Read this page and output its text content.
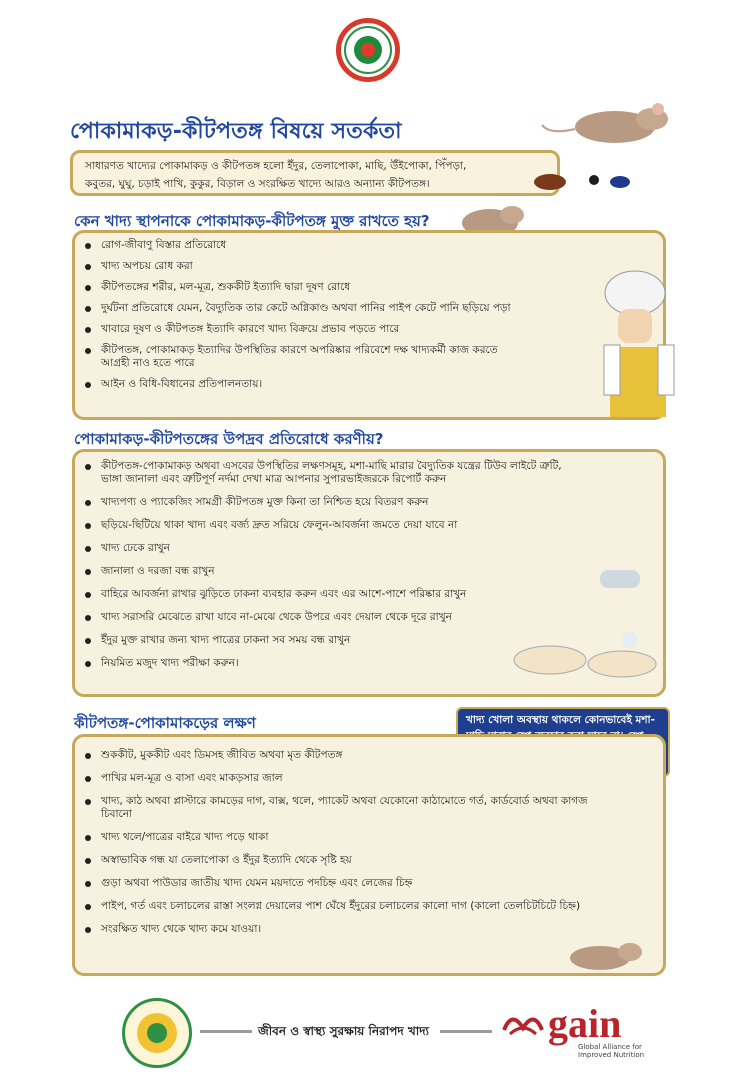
পোকামাকড়-কীটপতঙ্গ বিষয়ে সতর্কতা
সাধারণত খাদ্যের পোকামাকড় ও কীটপতঙ্গ হলো ইঁদুর, তেলাপোকা, মাছি, উঁইপোকা, পিঁপড়া,
কবুতর, ঘুঘু, চড়াই পাখি, কুকুর, বিড়াল ও সংরক্ষিত খাদ্যে আরও অন্যান্য কীটপতঙ্গ।
কেন খাদ্য স্থাপনাকে পোকামাকড়-কীটপতঙ্গ মুক্ত রাখতে হয়?
রোগ-জীবাণু বিস্তার প্রতিরোধে
খাদ্য অপচয় রোধ করা
কীটপতঙ্গের শরীর, মল-মূত্র, শুককীট ইত্যাদি দ্বারা দূষণ রোধে
দুর্ঘটনা প্রতিরোধে যেমন, বৈদ্যুতিক তার কেটে অগ্নিকাণ্ড অথবা পানির পাইপ কেটে পানি ছড়িয়ে পড়া
খাবারে দূষণ ও কীটপতঙ্গ ইত্যাদি কারণে খাদ্য বিক্রয়ে প্রভাব পড়তে পারে
কীটপতঙ্গ, পোকামাকড় ইত্যাদির উপস্থিতির কারণে অপরিষ্কার পরিবেশে দক্ষ খাদ্যকর্মী কাজ করতে
আগ্রহী নাও হতে পারে
আইন ও বিধি-বিধানের প্রতিপালনতায়।
পোকামাকড়-কীটপতঙ্গের উপদ্রব প্রতিরোধে করণীয়?
কীটপতঙ্গ-পোকামাকড় অথবা এসবের উপস্থিতির লক্ষণসমূহ, মশা-মাছি মারার বৈদ্যুতিক যন্ত্রের টিউব লাইটে ত্রুটি,
ভাঙ্গা জানালা এবং ত্রুটিপূর্ণ নর্দমা দেখা মাত্র আপনার সুপারভাইজরকে রিপোর্ট করুন
খাদ্যপণ্য ও প্যাকেজিং সামগ্রী কীটপতঙ্গ মুক্ত কিনা তা নিশ্চিত হয়ে বিতরণ করুন
ছড়িয়ে-ছিটিয়ে থাকা খাদ্য এবং বর্জ্য দ্রুত সরিয়ে ফেলুন-আবর্জনা জমতে দেয়া যাবে না
খাদ্য ঢেকে রাখুন
জানালা ও দরজা বন্ধ রাখুন
বাহিরে আবর্জনা রাখার ঝুড়িতে ঢাকনা ব্যবহার করুন এবং এর আশে-পাশে পরিষ্কার রাখুন
খাদ্য সরাসরি মেঝেতে রাখা যাবে না-মেঝে থেকে উপরে এবং দেয়াল থেকে দূরে রাখুন
ইঁদুর মুক্ত রাখার জন্য খাদ্য পাত্রের ঢাকনা সব সময় বন্ধ রাখুন
নিয়মিত মজুদ খাদ্য পরীক্ষা করুন।
খাদ্য খোলা অবস্থায় থাকলে কোনভাবেই মশা-
কীটপতঙ্গ-পোকামাকড়ের লক্ষণ
শুককীট, মুককীট এবং ডিমসহ জীবিত অথবা মৃত কীটপতঙ্গ
পাখির মল-মূত্র ও বাসা এবং মাকড়সার জাল
খাদ্য, কাঠ অথবা প্লাস্টারে কামড়ের দাগ, বাক্স, থলে, প্যাকেট অথবা যেকোনো কাঠামোতে গর্ত, কার্ডবোর্ড অথবা কাগজ
চিবানো
খাদ্য থলে/পাত্রের বাইরে খাদ্য পড়ে থাকা
অস্বাভাবিক গন্ধ যা তেলাপোকা ও ইঁদুর ইত্যাদি থেকে সৃষ্টি হয়
গুড়া অথবা পাউডার জাতীয় খাদ্য যেমন ময়দাতে পদচিহ্ন এবং লেজের চিহ্ন
পাইপ, গর্ত এবং চলাচলের রাস্তা সংলগ্ন দেয়ালের পাশ ঘেঁষে ইঁদুরের চলাচলের কালো দাগ (কালো তেলচিটচিটে চিহ্ন)
সংরক্ষিত খাদ্য থেকে খাদ্য কমে যাওয়া।
জীবন ও স্বাস্থ্য সুরক্ষায় নিরাপদ খাদ্য	gain
Global Alliance for
Improved Nutrition
